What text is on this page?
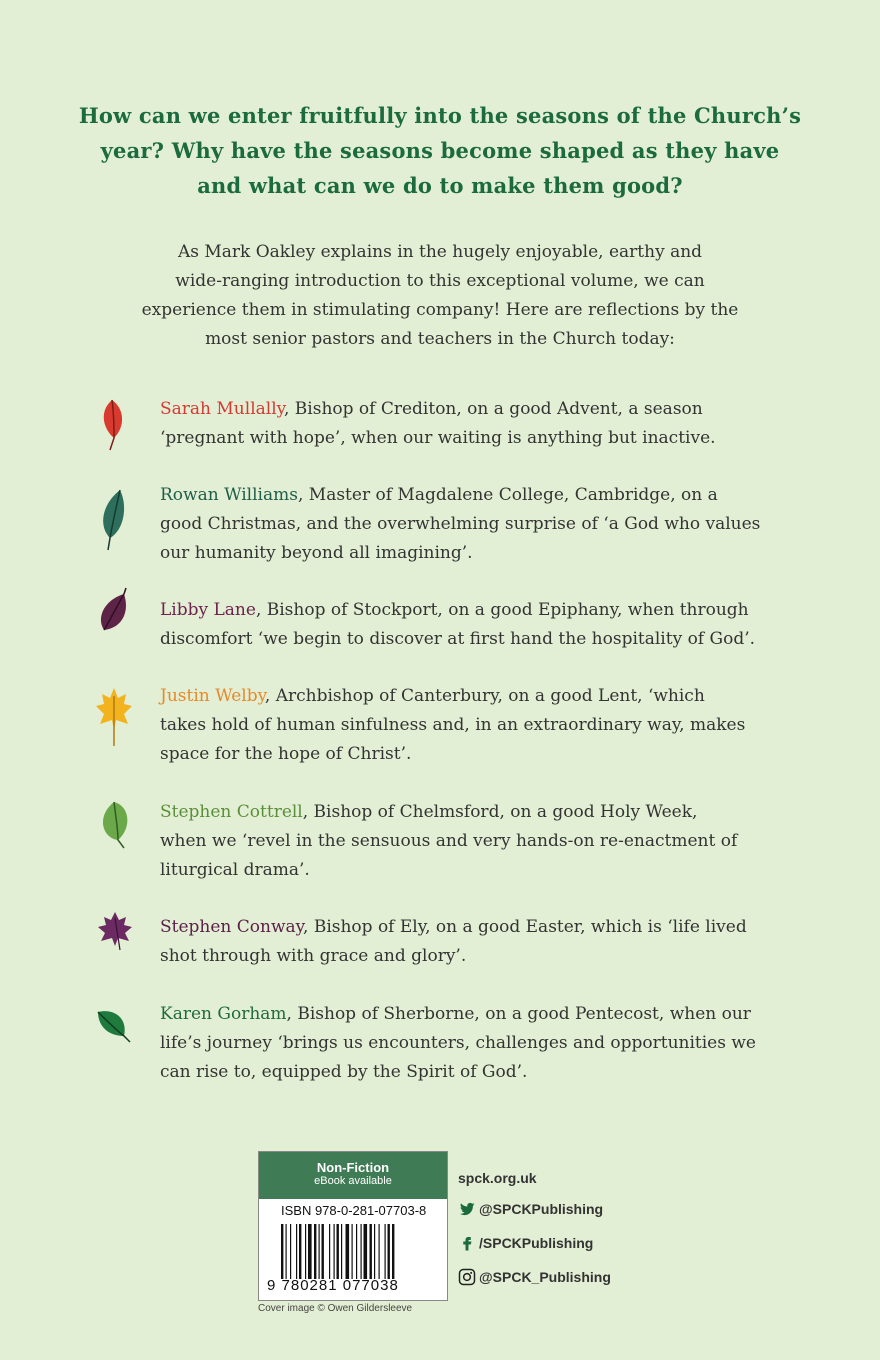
How can we enter fruitfully into the seasons of the Church’s
year? Why have the seasons become shaped as they have
and what can we do to make them good?
As Mark Oakley explains in the hugely enjoyable, earthy and
wide-ranging introduction to this exceptional volume, we can
experience them in stimulating company! Here are reflections by the
most senior pastors and teachers in the Church today:
Sarah Mullally, Bishop of Crediton, on a good Advent, a season
‘pregnant with hope’, when our waiting is anything but inactive.
Rowan Williams, Master of Magdalene College, Cambridge, on a
good Christmas, and the overwhelming surprise of ‘a God who values
our humanity beyond all imagining’.
Libby Lane, Bishop of Stockport, on a good Epiphany, when through
discomfort ‘we begin to discover at first hand the hospitality of God’.
Justin Welby, Archbishop of Canterbury, on a good Lent, ‘which
takes hold of human sinfulness and, in an extraordinary way, makes
space for the hope of Christ’.
Stephen Cottrell, Bishop of Chelmsford, on a good Holy Week,
when we ‘revel in the sensuous and very hands-on re-enactment of
liturgical drama’.
Stephen Conway, Bishop of Ely, on a good Easter, which is ‘life lived
shot through with grace and glory’.
Karen Gorham, Bishop of Sherborne, on a good Pentecost, when our
life’s journey ‘brings us encounters, challenges and opportunities we
can rise to, equipped by the Spirit of God’.
Non-Fiction
eBook available
ISBN 978-0-281-07703-8
9 780281 077038
Cover image © Owen Gildersleeve
spck.org.uk
@SPCKPublishing
/SPCKPublishing
@SPCK_Publishing
